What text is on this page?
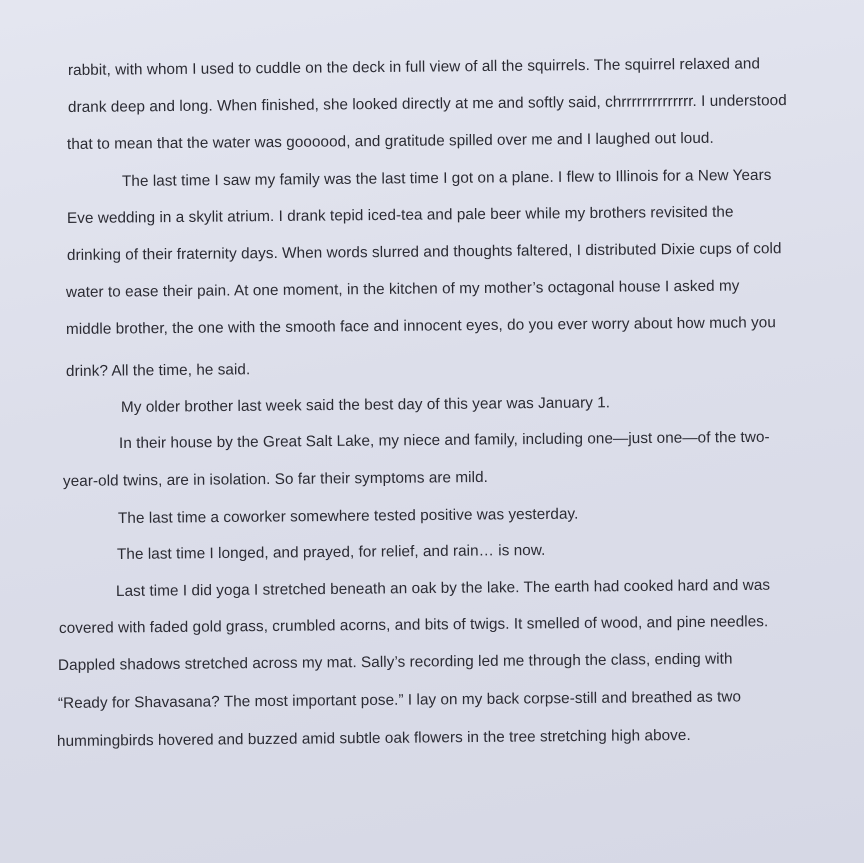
rabbit, with whom I used to cuddle on the deck in full view of all the squirrels. The squirrel relaxed and
drank deep and long. When finished, she looked directly at me and softly said, chrrrrrrrrrrrrrr. I understood
that to mean that the water was goooood, and gratitude spilled over me and I laughed out loud.
The last time I saw my family was the last time I got on a plane. I flew to Illinois for a New Years
Eve wedding in a skylit atrium. I drank tepid iced-tea and pale beer while my brothers revisited the
drinking of their fraternity days. When words slurred and thoughts faltered, I distributed Dixie cups of cold
water to ease their pain. At one moment, in the kitchen of my mother’s octagonal house I asked my
middle brother, the one with the smooth face and innocent eyes, do you ever worry about how much you
drink? All the time, he said.
My older brother last week said the best day of this year was January 1.
In their house by the Great Salt Lake, my niece and family, including one—just one—of the two-
year-old twins, are in isolation. So far their symptoms are mild.
The last time a coworker somewhere tested positive was yesterday.
The last time I longed, and prayed, for relief, and rain… is now.
Last time I did yoga I stretched beneath an oak by the lake. The earth had cooked hard and was
covered with faded gold grass, crumbled acorns, and bits of twigs. It smelled of wood, and pine needles.
Dappled shadows stretched across my mat. Sally’s recording led me through the class, ending with
“Ready for Shavasana? The most important pose.” I lay on my back corpse-still and breathed as two
hummingbirds hovered and buzzed amid subtle oak flowers in the tree stretching high above.
